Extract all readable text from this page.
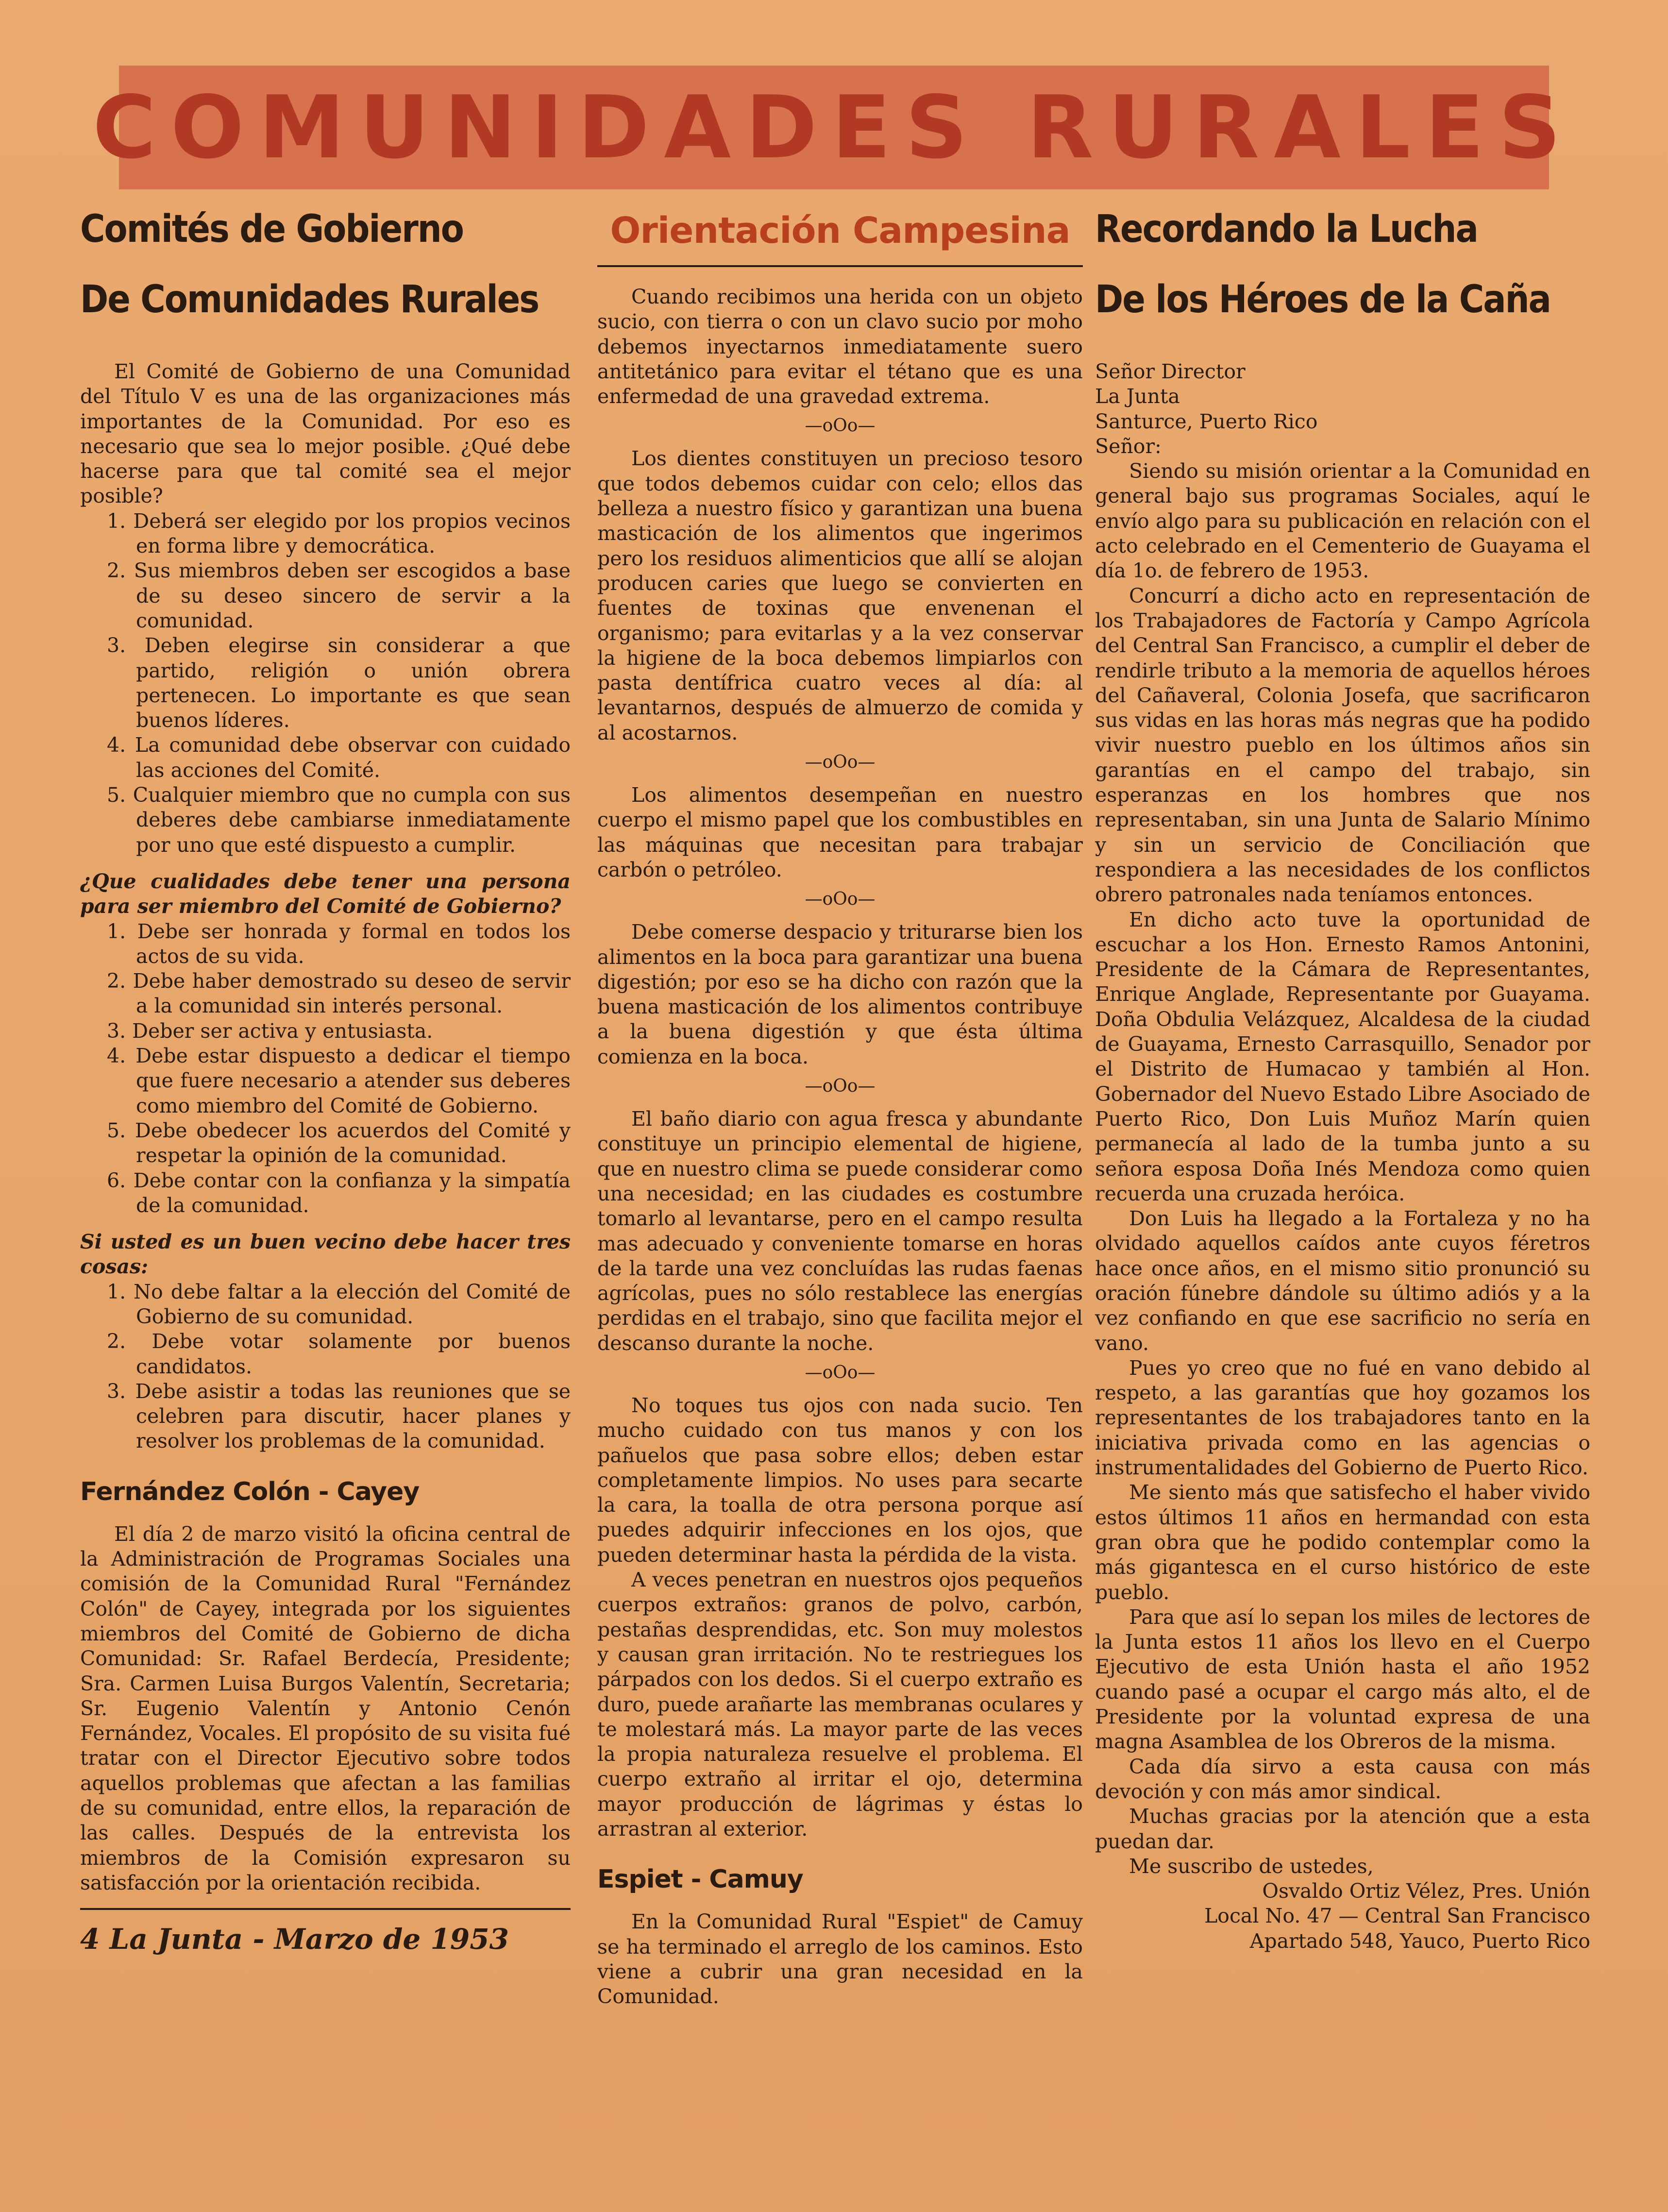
COMUNIDADES RURALES
Comités de Gobierno
De Comunidades Rurales

El Comité de Gobierno de una Comunidad del Título V es una de las organizaciones más importantes de la Comunidad. Por eso es necesario que sea lo mejor posible. ¿Qué debe hacerse para que tal comité sea el mejor posible?

1. Deberá ser elegido por los propios vecinos en forma libre y democrática.

2. Sus miembros deben ser escogidos a base de su deseo sincero de servir a la comunidad.

3. Deben elegirse sin considerar a que partido, religión o unión obrera pertenecen. Lo importante es que sean buenos líderes.

4. La comunidad debe observar con cuidado las acciones del Comité.

5. Cualquier miembro que no cumpla con sus deberes debe cambiarse inmediatamente por uno que esté dispuesto a cumplir.

¿Que cualidades debe tener una persona para ser miembro del Comité de Gobierno?

1. Debe ser honrada y formal en todos los actos de su vida.

2. Debe haber demostrado su deseo de servir a la comunidad sin interés personal.

3. Deber ser activa y entusiasta.

4. Debe estar dispuesto a dedicar el tiempo que fuere necesario a atender sus deberes como miembro del Comité de Gobierno.

5. Debe obedecer los acuerdos del Comité y respetar la opinión de la comunidad.

6. Debe contar con la confianza y la simpatía de la comunidad.

Si usted es un buen vecino debe hacer tres cosas:

1. No debe faltar a la elección del Comité de Gobierno de su comunidad.

2. Debe votar solamente por buenos candidatos.

3. Debe asistir a todas las reuniones que se celebren para discutir, hacer planes y resolver los problemas de la comunidad.

Fernández Colón - Cayey

El día 2 de marzo visitó la oficina central de la Administración de Programas Sociales una comisión de la Comunidad Rural "Fernández Colón" de Cayey, integrada por los siguientes miembros del Comité de Gobierno de dicha Comunidad: Sr. Rafael Berdecía, Presidente; Sra. Carmen Luisa Burgos Valentín, Secretaria; Sr. Eugenio Valentín y Antonio Cenón Fernández, Vocales. El propósito de su visita fué tratar con el Director Ejecutivo sobre todos aquellos problemas que afectan a las familias de su comunidad, entre ellos, la reparación de las calles. Después de la entrevista los miembros de la Comisión expresaron su satisfacción por la orientación recibida.

4 La Junta - Marzo de 1953
Orientación Campesina

Cuando recibimos una herida con un objeto sucio, con tierra o con un clavo sucio por moho debemos inyectarnos inmediatamente suero antitetánico para evitar el tétano que es una enfermedad de una gravedad extrema.

—oOo—

Los dientes constituyen un precioso tesoro que todos debemos cuidar con celo; ellos das belleza a nuestro físico y garantizan una buena masticación de los alimentos que ingerimos pero los residuos alimenticios que allí se alojan producen caries que luego se convierten en fuentes de toxinas que envenenan el organismo; para evitarlas y a la vez conservar la higiene de la boca debemos limpiarlos con pasta dentífrica cuatro veces al día: al levantarnos, después de almuerzo de comida y al acostarnos.

—oOo—

Los alimentos desempeñan en nuestro cuerpo el mismo papel que los combustibles en las máquinas que necesitan para trabajar carbón o petróleo.

—oOo—

Debe comerse despacio y triturarse bien los alimentos en la boca para garantizar una buena digestión; por eso se ha dicho con razón que la buena masticación de los alimentos contribuye a la buena digestión y que ésta última comienza en la boca.

—oOo—

El baño diario con agua fresca y abundante constituye un principio elemental de higiene, que en nuestro clima se puede considerar como una necesidad; en las ciudades es costumbre tomarlo al levantarse, pero en el campo resulta mas adecuado y conveniente tomarse en horas de la tarde una vez concluídas las rudas faenas agrícolas, pues no sólo restablece las energías perdidas en el trabajo, sino que facilita mejor el descanso durante la noche.

—oOo—

No toques tus ojos con nada sucio. Ten mucho cuidado con tus manos y con los pañuelos que pasa sobre ellos; deben estar completamente limpios. No uses para secarte la cara, la toalla de otra persona porque así puedes adquirir infecciones en los ojos, que pueden determinar hasta la pérdida de la vista.

A veces penetran en nuestros ojos pequeños cuerpos extraños: granos de polvo, carbón, pestañas desprendidas, etc. Son muy molestos y causan gran irritación. No te restriegues los párpados con los dedos. Si el cuerpo extraño es duro, puede arañarte las membranas oculares y te molestará más. La mayor parte de las veces la propia naturaleza resuelve el problema. El cuerpo extraño al irritar el ojo, determina mayor producción de lágrimas y éstas lo arrastran al exterior.

Espiet - Camuy

En la Comunidad Rural "Espiet" de Camuy se ha terminado el arreglo de los caminos. Esto viene a cubrir una gran necesidad en la Comunidad.

Recordando la Lucha
De los Héroes de la Caña

Señor Director

La Junta

Santurce, Puerto Rico

Señor:

Siendo su misión orientar a la Comunidad en general bajo sus programas Sociales, aquí le envío algo para su publicación en relación con el acto celebrado en el Cementerio de Guayama el día 1o. de febrero de 1953.

Concurrí a dicho acto en representación de los Trabajadores de Factoría y Campo Agrícola del Central San Francisco, a cumplir el deber de rendirle tributo a la memoria de aquellos héroes del Cañaveral, Colonia Josefa, que sacrificaron sus vidas en las horas más negras que ha podido vivir nuestro pueblo en los últimos años sin garantías en el campo del trabajo, sin esperanzas en los hombres que nos representaban, sin una Junta de Salario Mínimo y sin un servicio de Conciliación que respondiera a las necesidades de los conflictos obrero patronales nada teníamos entonces.

En dicho acto tuve la oportunidad de escuchar a los Hon. Ernesto Ramos Antonini, Presidente de la Cámara de Representantes, Enrique Anglade, Representante por Guayama. Doña Obdulia Velázquez, Alcaldesa de la ciudad de Guayama, Ernesto Carrasquillo, Senador por el Distrito de Humacao y también al Hon. Gobernador del Nuevo Estado Libre Asociado de Puerto Rico, Don Luis Muñoz Marín quien permanecía al lado de la tumba junto a su señora esposa Doña Inés Mendoza como quien recuerda una cruzada heróica.

Don Luis ha llegado a la Fortaleza y no ha olvidado aquellos caídos ante cuyos féretros hace once años, en el mismo sitio pronunció su oración fúnebre dándole su último adiós y a la vez confiando en que ese sacrificio no sería en vano.

Pues yo creo que no fué en vano debido al respeto, a las garantías que hoy gozamos los representantes de los trabajadores tanto en la iniciativa privada como en las agencias o instrumentalidades del Gobierno de Puerto Rico.

Me siento más que satisfecho el haber vivido estos últimos 11 años en hermandad con esta gran obra que he podido contemplar como la más gigantesca en el curso histórico de este pueblo.

Para que así lo sepan los miles de lectores de la Junta estos 11 años los llevo en el Cuerpo Ejecutivo de esta Unión hasta el año 1952 cuando pasé a ocupar el cargo más alto, el de Presidente por la voluntad expresa de una magna Asamblea de los Obreros de la misma.

Cada día sirvo a esta causa con más devoción y con más amor sindical.

Muchas gracias por la atención que a esta puedan dar.

Me suscribo de ustedes,

Osvaldo Ortiz Vélez, Pres. Unión

Local No. 47 — Central San Francisco

Apartado 548, Yauco, Puerto Rico
